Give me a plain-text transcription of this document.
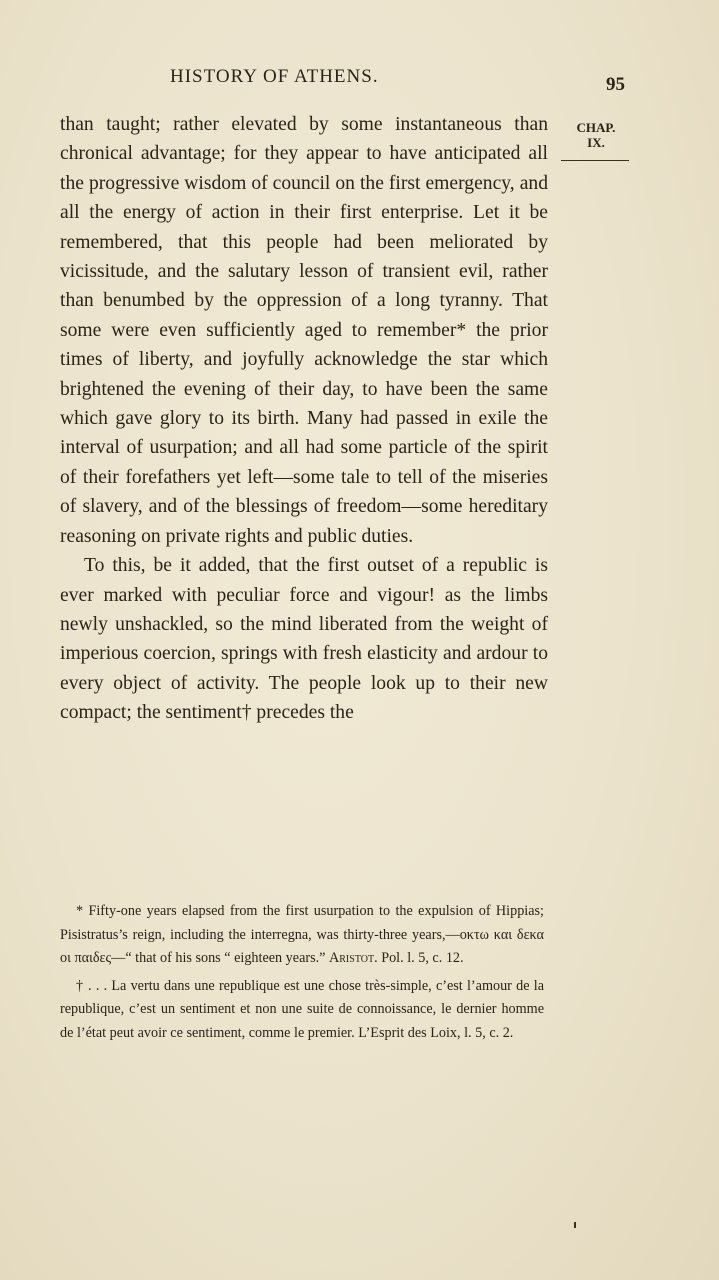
HISTORY OF ATHENS.	95
CHAP.
IX.

than taught; rather elevated by some instantaneous than chronical advantage; for they appear to have anticipated all the progressive wisdom of council on the first emergency, and all the energy of action in their first enterprise. Let it be remembered, that this people had been meliorated by vicissitude, and the salutary lesson of transient evil, rather than benumbed by the oppression of a long tyranny. That some were even sufficiently aged to remember* the prior times of liberty, and joyfully acknowledge the star which brightened the evening of their day, to have been the same which gave glory to its birth. Many had passed in exile the interval of usurpation; and all had some particle of the spirit of their forefathers yet left—some tale to tell of the miseries of slavery, and of the blessings of freedom—some hereditary reasoning on private rights and public duties.

To this, be it added, that the first outset of a republic is ever marked with peculiar force and vigour! as the limbs newly unshackled, so the mind liberated from the weight of imperious coercion, springs with fresh elasticity and ardour to every object of activity. The people look up to their new compact; the sentiment† precedes the

* Fifty-one years elapsed from the first usurpation to the expulsion of Hippias; Pisistratus’s reign, including the interregna, was thirty-three years,—οκτω και δεκα οι παιδες—“ that of his sons “ eighteen years.” Aristot. Pol. l. 5, c. 12.

† . . . La vertu dans une republique est une chose très-simple, c’est l’amour de la republique, c’est un sentiment et non une suite de connoissance, le dernier homme de l’état peut avoir ce sentiment, comme le premier. L’Esprit des Loix, l. 5, c. 2.
